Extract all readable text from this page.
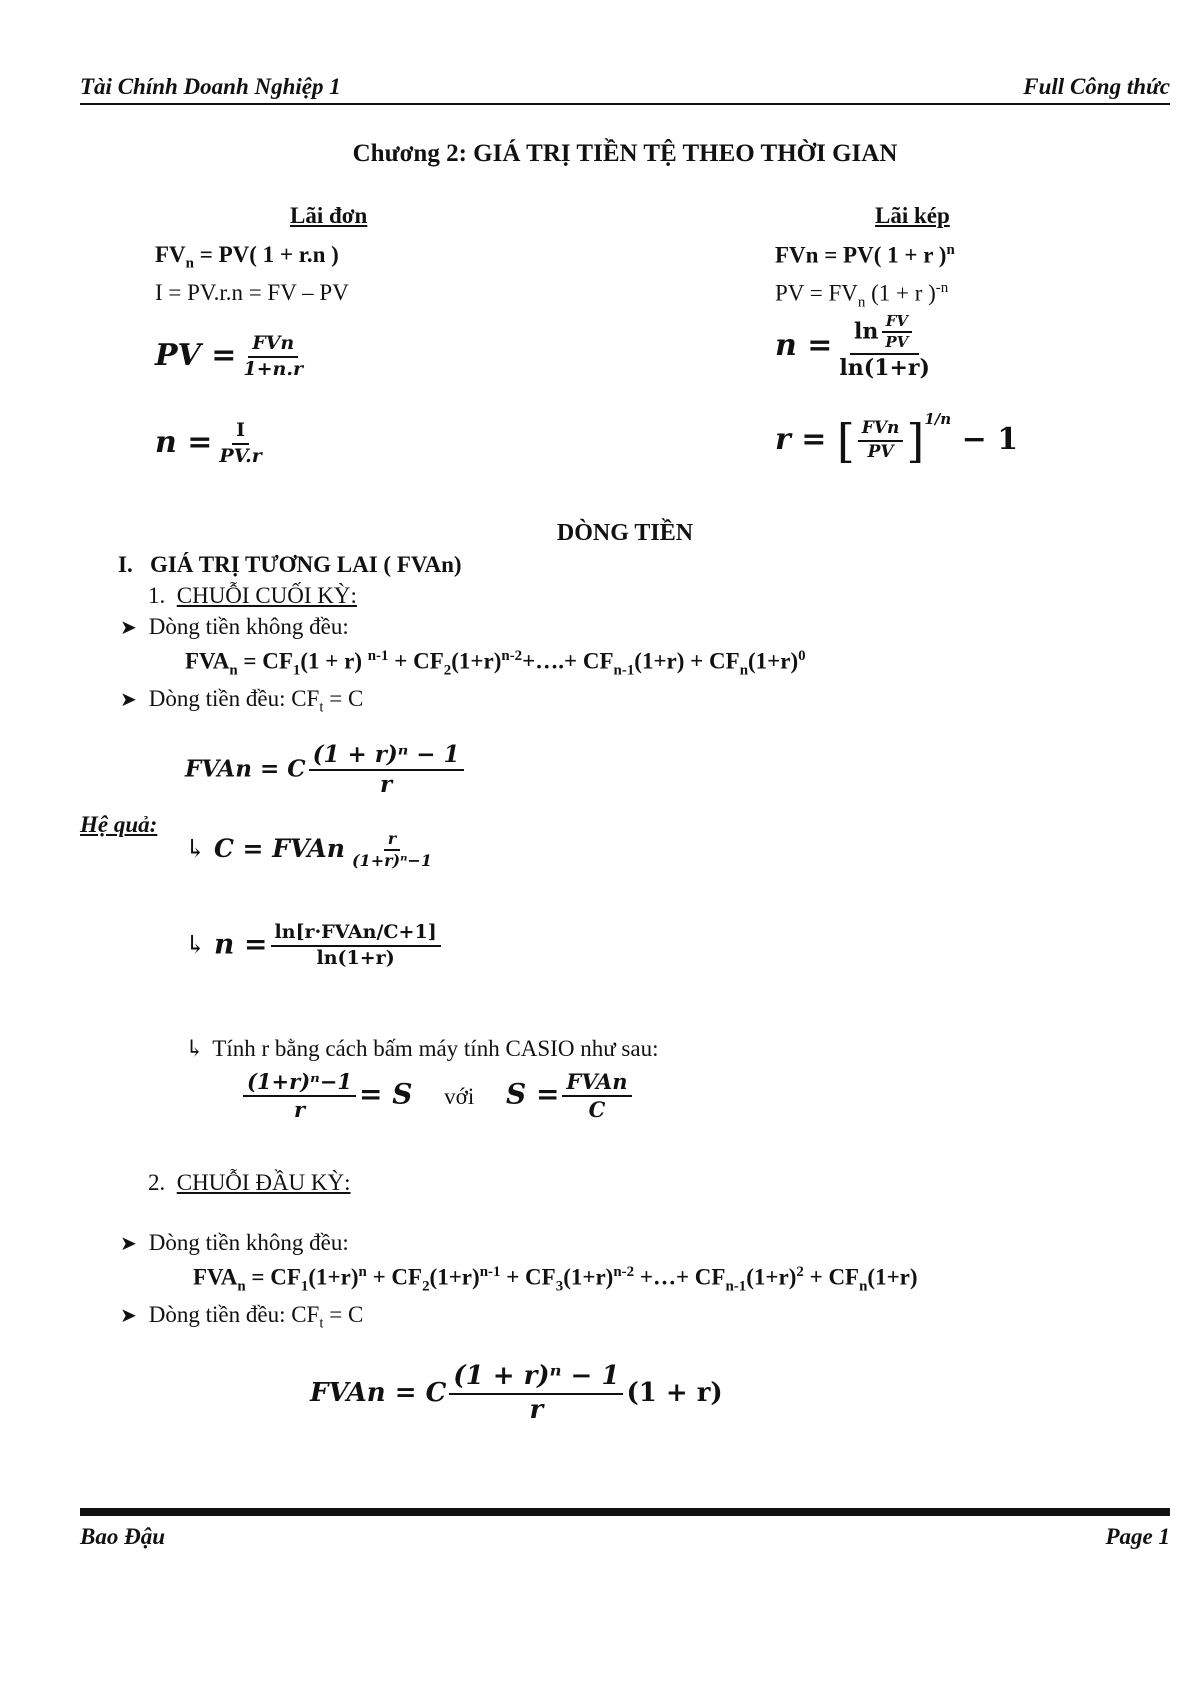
Tài Chính Doanh Nghiệp 1	Full Công thức
Chương 2: GIÁ TRỊ TIỀN TỆ THEO THỜI GIAN
Lãi đơn
$FV_n = PV$( 1 + r.n )
I = PV.r.n = FV – PV
PV = $\frac{\text{FVn}}{1+n.r}$
$n = \frac{I}{PV.r}$
Lãi kép
FVn = PV( 1 + r )$^n$
PV = $FV_n$ (1 + r )$^{-n}$
$n = \frac{\ln \frac{FV}{PV}}{\ln(1+r)}$
r = [ $\frac{\text{FVn}}{PV} ]^{1/n} - 1$
DÒNG TIỀN
I. GIÁ TRỊ TƯƠNG LAI ( FVAn)
1. CHUỖI CUỐI KỲ:
➤ Dòng tiền không đều:
$FVA_n = CF_1(1 + r) ^{n-1}$ + $CF_2(1+r)^{n-2}+\dots.+ CF_{n-1}(1+r) + CF_n(1+r)^0$
➤ Dòng tiền đều: $CF_t = C$
FVAn = C $\frac{\text{(1 + r)ⁿ − 1}}{r}$
Hệ quả:
↳ C = FVAn $\frac{r}{\text{(1+r)ⁿ−1}}$
↳ $n = \frac{\text{ln[r·FVAn/C+1]}}{\ln(1+r)}$
↳ Tính r bằng cách bấm máy tính CASIO như sau:
$\frac{\text{(1+r)ⁿ−1}}{r} = S$ với $S = \frac{\text{FVAn}}{C}$
2. CHUỖI ĐẦU KỲ:
➤ Dòng tiền không đều:
$FVA_n = CF_1(1+r)^n + CF_2(1+r)^{n-1} + CF_3(1+r)^{n-2}$ +…+ $CF_{n-1}(1+r)^2 + CF_n(1+r)$
➤ Dòng tiền đều: $CF_t = C$
FVAn = C $\frac{\text{(1 + r)ⁿ − 1}}{r} (1 + r)$
Bao Đậu	Page 1
